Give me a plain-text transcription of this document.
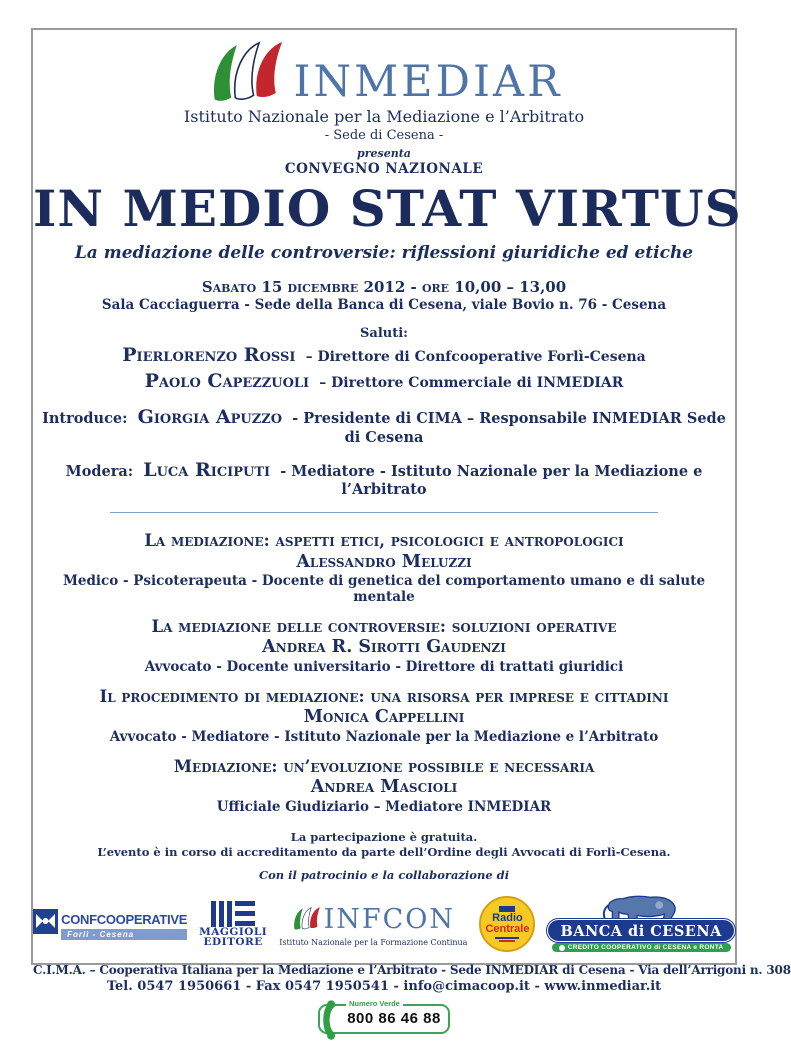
INMEDIAR
Istituto Nazionale per la Mediazione e l’Arbitrato
- Sede di Cesena -
presenta
CONVEGNO NAZIONALE
IN MEDIO STAT VIRTUS
La mediazione delle controversie: riflessioni giuridiche ed etiche
Sabato 15 dicembre 2012 - ore 10,00 – 13,00
Sala Cacciaguerra - Sede della Banca di Cesena, viale Bovio n. 76 - Cesena
Saluti:
Pierlorenzo Rossi – Direttore di Confcooperative Forlì-Cesena
Paolo Capezzuoli – Direttore Commerciale di INMEDIAR
Introduce: Giorgia Apuzzo - Presidente di CIMA – Responsabile INMEDIAR Sede di Cesena
Modera: Luca Riciputi - Mediatore - Istituto Nazionale per la Mediazione e l’Arbitrato
La mediazione: aspetti etici, psicologici e antropologici
Alessandro Meluzzi
Medico - Psicoterapeuta - Docente di genetica del comportamento umano e di salute mentale
La mediazione delle controversie: soluzioni operative
Andrea R. Sirotti Gaudenzi
Avvocato - Docente universitario - Direttore di trattati giuridici
Il procedimento di mediazione: una risorsa per imprese e cittadini
Monica Cappellini
Avvocato - Mediatore - Istituto Nazionale per la Mediazione e l’Arbitrato
Mediazione: un’evoluzione possibile e necessaria
Andrea Mascioli
Ufficiale Giudiziario – Mediatore INMEDIAR
La partecipazione è gratuita.
L’evento è in corso di accreditamento da parte dell’Ordine degli Avvocati di Forlì-Cesena.
Con il patrocinio e la collaborazione di
CONFCOOPERATIVE
Forlì - Cesena	MAGGIOLI
EDITORE
INFCON
Istituto Nazionale per la Formazione Continua
Radio
Centrale	BANCA di CESENA
CREDITO COOPERATIVO di CESENA e RONTA
C.I.M.A. – Cooperativa Italiana per la Mediazione e l’Arbitrato - Sede INMEDIAR di Cesena - Via dell’Arrigoni n. 308
Tel. 0547 1950661 - Fax 0547 1950541 - info@cimacoop.it - www.inmediar.it
Numero Verde
800 86 46 88
